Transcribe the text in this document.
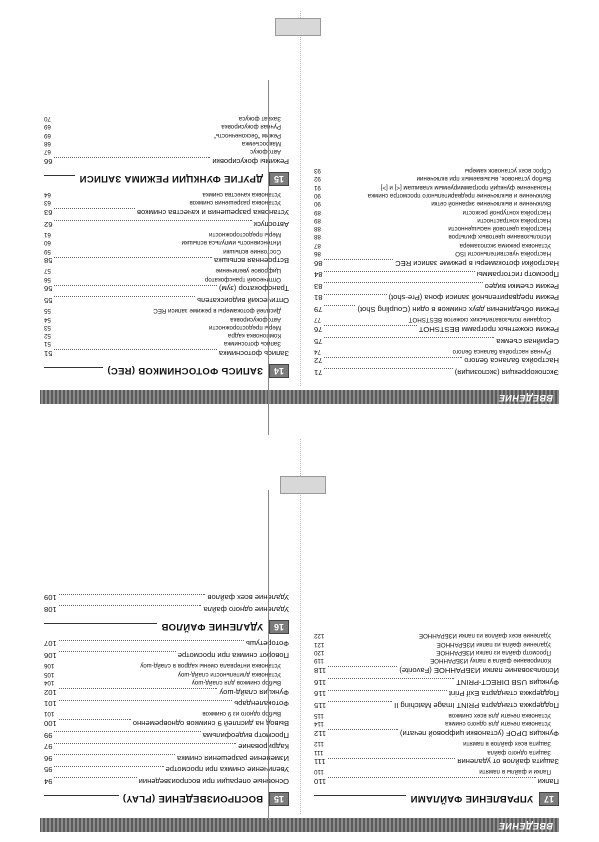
ВВЕДЕНИЕ
17
УПРАВЛЕНИЕ ФАЙЛАМИ
Папки
110
Папки и файлы в памяти
110
Защита файлов от удаления
111
Защита одного файла
111
Защита всех файлов в памяти
112
Функция DPOF (установки цифровой печати)
112
Установка печати для одного снимка
114
Установка печати для всех снимков
115
Поддержка стандарта PRINT Image Matching II
115
Поддержка стандарта Exif Print
116
Функция USB DIRECT-PRINT
116
Использование папки ИЗБРАННОЕ (Favorite)
118
Копирование файла в папку ИЗБРАННОЕ
119
Просмотр файла из папки ИЗБРАННОЕ
120
Удаление файла из папки ИЗБРАННОЕ
121
Удаление всех файлов из папки ИЗБРАННОЕ
122
15
ВОСПРОИЗВЕДЕНИЕ (PLAY)
Основные операции при воспроизведении
94
Увеличение снимка при просмотре
95
Изменение разрешения снимка
96
Кадрирование
97
Просмотр видеофильма
99
Вывод на дисплей 9 снимков одновременно
100
Выбор одного из 9 снимков
101
Фотокалендарь
101
Функция слайд-шоу
102
Выбор снимков для слайд-шоу
104
Установка длительности слайд-шоу
105
Установка интервала смены кадров в слайд-шоу
106
Поворот снимка при просмотре
106
Фоторетушь
107
16
УДАЛЕНИЕ ФАЙЛОВ
Удаление одного файла
108
Удаление всех файлов
109
ВВЕДЕНИЕ
Экспокоррекция (экспозиция)
71
Настройка баланса белого
72
Ручная настройка баланса белого
74
Серийная съемка
75
Режим сюжетных программ BESTSHOT
76
Создание пользовательских сюжетов BESTSHOT
77
Режим объединения двух снимков в один (Coupling Shot)
79
Режим предварительной записи фона (Pre-shot)
81
Режим съемки видео
83
Просмотр гистограммы
84
Настройки фотокамеры в режиме записи REC
86
Настройка чувствительности ISO
86
Установка режима экспозамера
87
Использование цветовых фильтров
88
Настройка цветовой насыщенности
88
Настройка контрастности
89
Настройка контурной резкости
89
Включение и выключение экранной сетки
90
Включение и выключение предварительного просмотра снимка
90
Назначение функций программируемым клавишам [<] и [>]
91
Выбор установок, вызываемых при включении
92
Сброс всех установок камеры
93
14
ЗАПИСЬ ФОТОСНИМКОВ (REC)
Запись фотоснимка
51
Запись фотоснимка
51
Компоновка кадра
52
Меры предосторожности
53
Автофокусировка
54
Дисплей фотокамеры в режиме записи REC
55
Оптический видоискатель
55
Трансфокатор (зум)
56
Оптический трансфокатор
56
Цифровое увеличение
57
Встроенная вспышка
58
Состояние вспышки
59
Интенсивность импульса вспышки
60
Меры предосторожности
61
Автоспуск
62
Установка разрешения и качества снимков
63
Установка разрешения снимков
63
Установка качества снимка
64
15
ДРУГИЕ ФУНКЦИИ РЕЖИМА ЗАПИСИ
Режимы фокусировки
66
Автофокус
67
Макросъемка
68
Режим "бесконечность"
69
Ручная фокусировка
69
Захват фокуса
70
